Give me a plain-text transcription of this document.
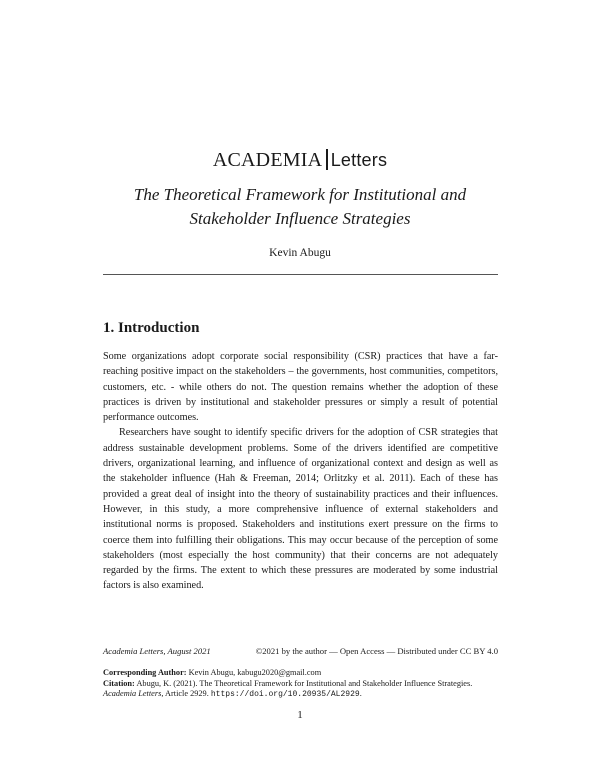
ACADEMIA Letters
The Theoretical Framework for Institutional and
Stakeholder Influence Strategies
Kevin Abugu
1. Introduction

Some organizations adopt corporate social responsibility (CSR) practices that have a far-reaching positive impact on the stakeholders – the governments, host communities, competitors, customers, etc. - while others do not. The question remains whether the adoption of these practices is driven by institutional and stakeholder pressures or simply a result of potential performance outcomes.

Researchers have sought to identify specific drivers for the adoption of CSR strategies that address sustainable development problems. Some of the drivers identified are competitive drivers, organizational learning, and influence of organizational context and design as well as the stakeholder influence (Hah & Freeman, 2014; Orlitzky et al. 2011). Each of these has provided a great deal of insight into the theory of sustainability practices and their influences. However, in this study, a more comprehensive influence of external stakeholders and institutional norms is proposed. Stakeholders and institutions exert pressure on the firms to coerce them into fulfilling their obligations. This may occur because of the perception of some stakeholders (most especially the host community) that their concerns are not adequately regarded by the firms. The extent to which these pressures are moderated by some industrial factors is also examined.

Academia Letters, August 2021	©2021 by the author — Open Access — Distributed under CC BY 4.0
Corresponding Author: Kevin Abugu, kabugu2020@gmail.com
Citation: Abugu, K. (2021). The Theoretical Framework for Institutional and Stakeholder Influence Strategies.
Academia Letters, Article 2929. https://doi.org/10.20935/AL2929.
1
